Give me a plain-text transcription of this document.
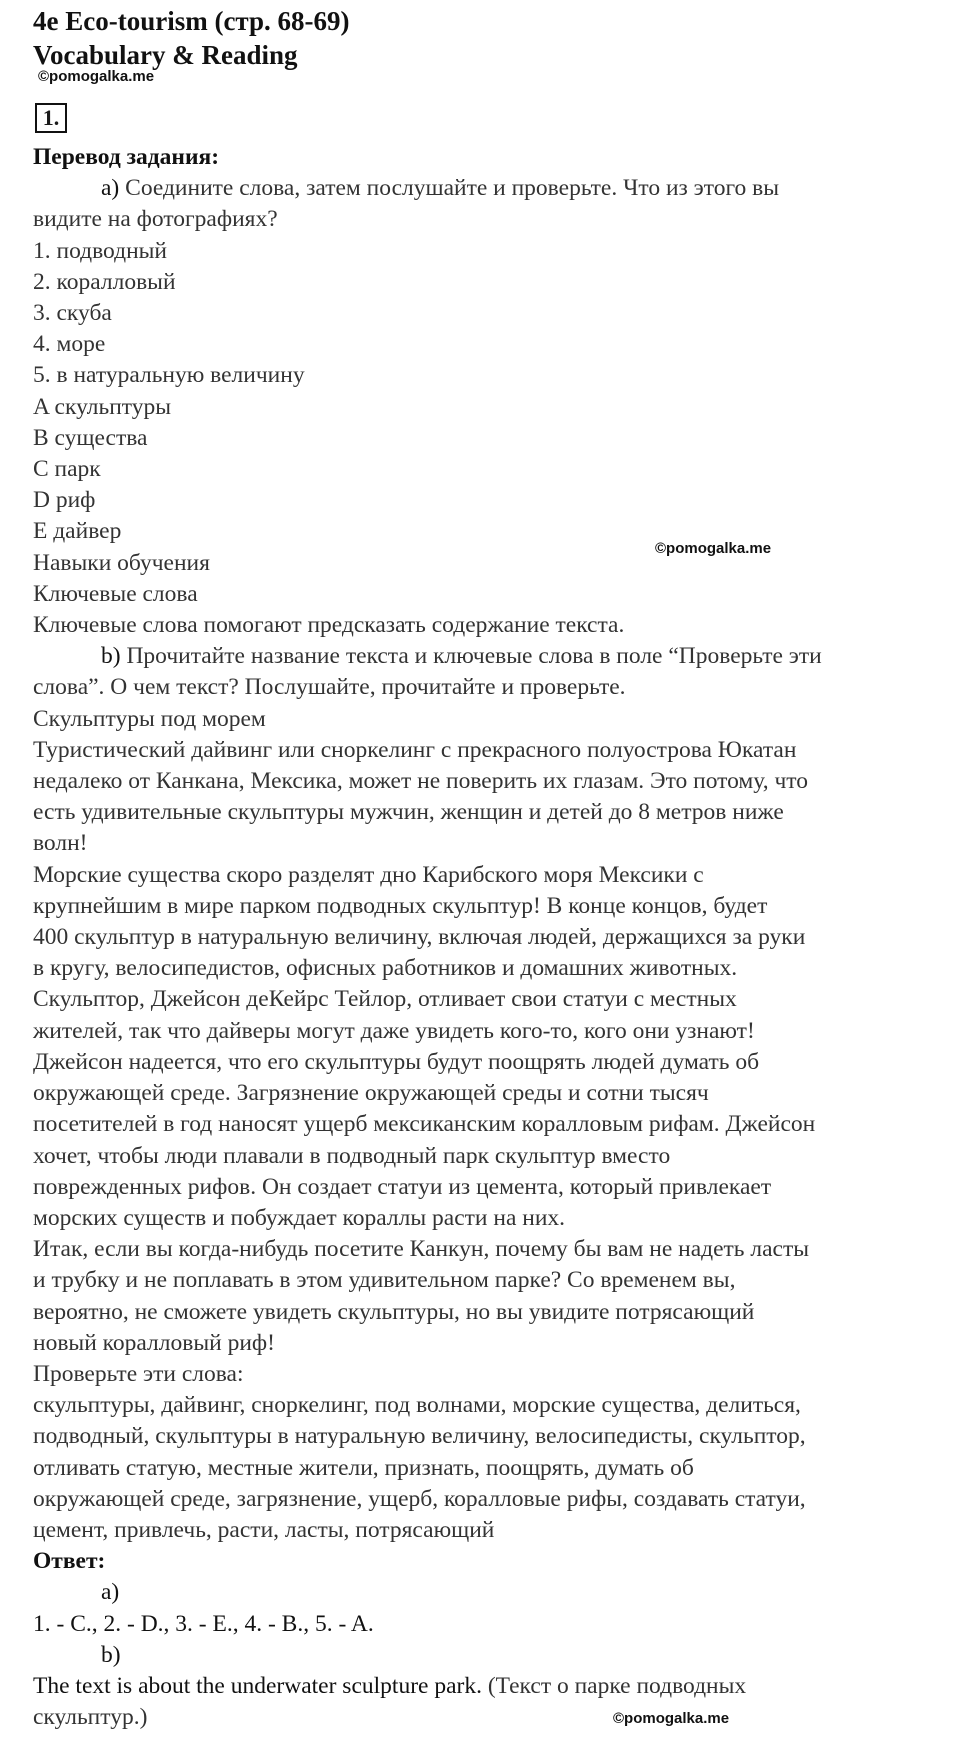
4e Eco-tourism (стр. 68-69)
Vocabulary & Reading
©pomogalka.me
1.
Перевод задания:
a) Соедините слова, затем послушайте и проверьте. Что из этого вы
видите на фотографиях?
1. подводный
2. коралловый
3. скуба
4. море
5. в натуральную величину
A скульптуры
B существа
C парк
D риф
E дайвер
Навыки обучения
Ключевые слова
Ключевые слова помогают предсказать содержание текста.
b) Прочитайте название текста и ключевые слова в поле “Проверьте эти
слова”. О чем текст? Послушайте, прочитайте и проверьте.
Скульптуры под морем
Туристический дайвинг или сноркелинг с прекрасного полуострова Юкатан
недалеко от Канкана, Мексика, может не поверить их глазам. Это потому, что
есть удивительные скульптуры мужчин, женщин и детей до 8 метров ниже
волн!
Морские существа скоро разделят дно Карибского моря Мексики с
крупнейшим в мире парком подводных скульптур! В конце концов, будет
400 скульптур в натуральную величину, включая людей, держащихся за руки
в кругу, велосипедистов, офисных работников и домашних животных.
Скульптор, Джейсон деКейрс Тейлор, отливает свои статуи с местных
жителей, так что дайверы могут даже увидеть кого-то, кого они узнают!
Джейсон надеется, что его скульптуры будут поощрять людей думать об
окружающей среде. Загрязнение окружающей среды и сотни тысяч
посетителей в год наносят ущерб мексиканским коралловым рифам. Джейсон
хочет, чтобы люди плавали в подводный парк скульптур вместо
поврежденных рифов. Он создает статуи из цемента, который привлекает
морских существ и побуждает кораллы расти на них.
Итак, если вы когда-нибудь посетите Канкун, почему бы вам не надеть ласты
и трубку и не поплавать в этом удивительном парке? Со временем вы,
вероятно, не сможете увидеть скульптуры, но вы увидите потрясающий
новый коралловый риф!
Проверьте эти слова:
скульптуры, дайвинг, сноркелинг, под волнами, морские существа, делиться,
подводный, скульптуры в натуральную величину, велосипедисты, скульптор,
отливать статую, местные жители, признать, поощрять, думать об
окружающей среде, загрязнение, ущерб, коралловые рифы, создавать статуи,
цемент, привлечь, расти, ласты, потрясающий
Ответ:
a)
1. - C., 2. - D., 3. - E., 4. - B., 5. - A.
b)
The text is about the underwater sculpture park. (Текст о парке подводных
скульптур.)
©pomogalka.me
©pomogalka.me
